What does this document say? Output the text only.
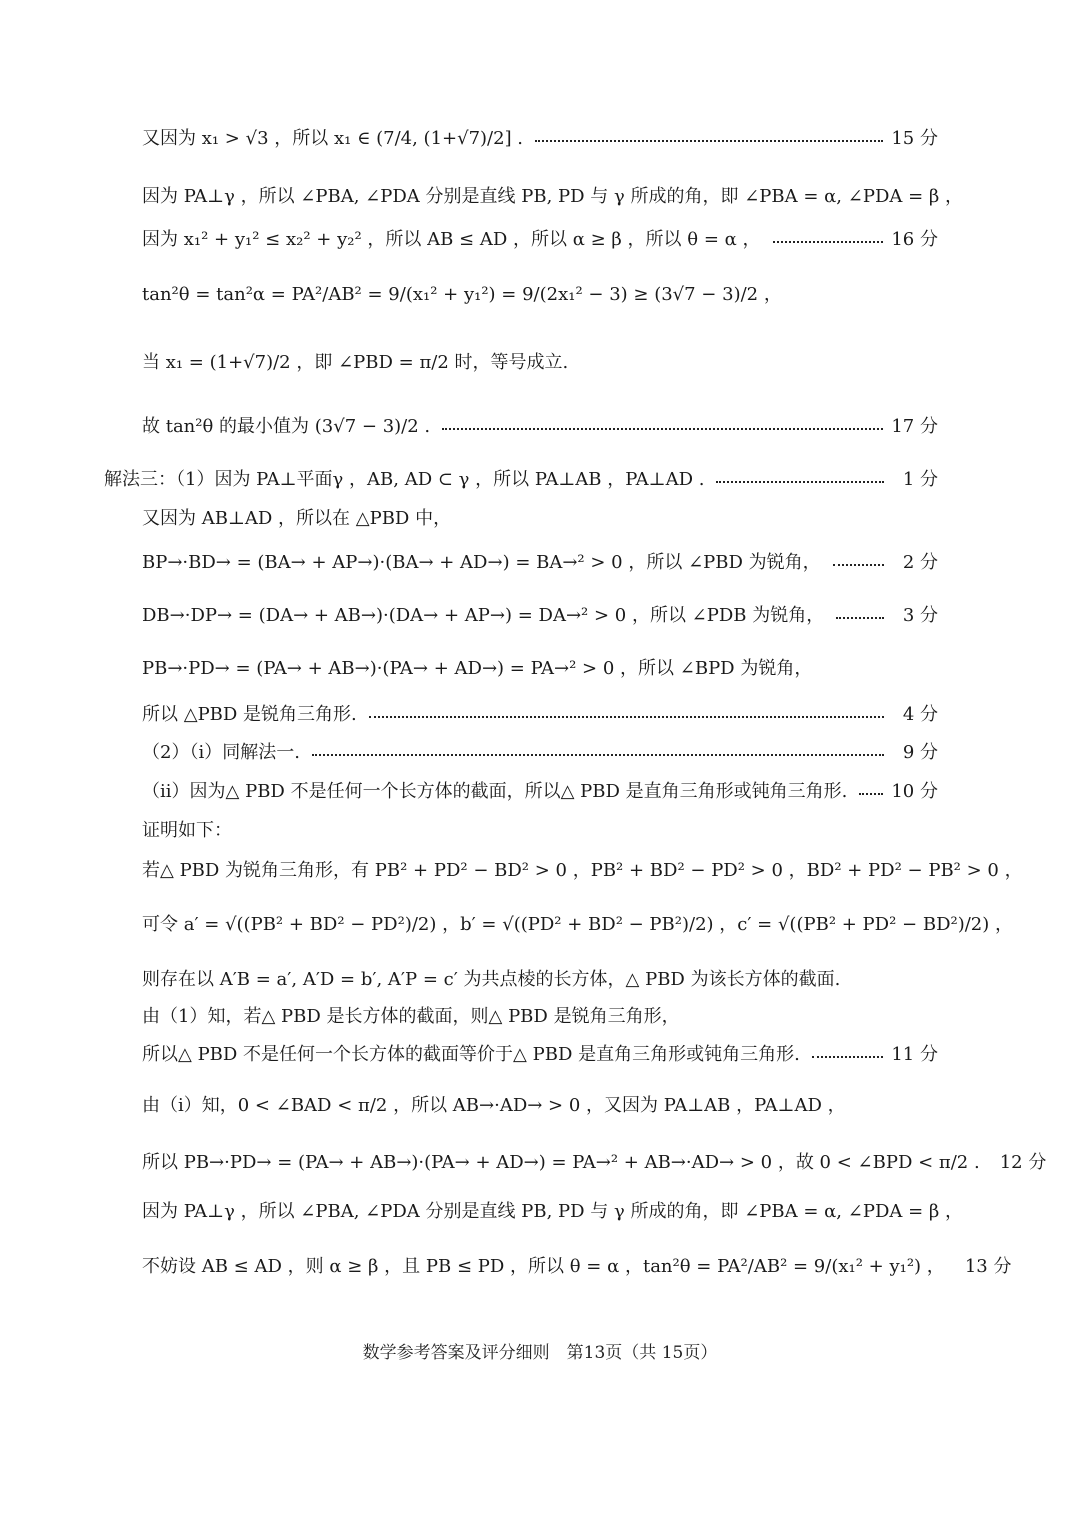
又因为 x₁ > √3 ，所以 x₁ ∈ (7/4, (1+√7)/2] .	15 分
因为 PA⊥γ ，所以 ∠PBA, ∠PDA 分别是直线 PB, PD 与 γ 所成的角，即 ∠PBA = α, ∠PDA = β ，
因为 x₁² + y₁² ≤ x₂² + y₂² ，所以 AB ≤ AD ，所以 α ≥ β ，所以 θ = α ，	16 分
tan²θ = tan²α = PA²/AB² = 9/(x₁² + y₁²) = 9/(2x₁² − 3) ≥ (3√7 − 3)/2 ，
当 x₁ = (1+√7)/2 ，即 ∠PBD = π/2 时，等号成立.
故 tan²θ 的最小值为 (3√7 − 3)/2 .	17 分
解法三：（1）因为 PA⊥平面γ ，AB, AD ⊂ γ ，所以 PA⊥AB ，PA⊥AD .	1 分
又因为 AB⊥AD ，所以在 △PBD 中，
BP→·BD→ = (BA→ + AP→)·(BA→ + AD→) = BA→² > 0 ，所以 ∠PBD 为锐角，	2 分
DB→·DP→ = (DA→ + AB→)·(DA→ + AP→) = DA→² > 0 ，所以 ∠PDB 为锐角，	3 分
PB→·PD→ = (PA→ + AB→)·(PA→ + AD→) = PA→² > 0 ，所以 ∠BPD 为锐角，
所以 △PBD 是锐角三角形.	4 分
（2）（i）同解法一.	9 分
（ii）因为△ PBD 不是任何一个长方体的截面，所以△ PBD 是直角三角形或钝角三角形. 10 分
证明如下：
若△ PBD 为锐角三角形，有 PB² + PD² − BD² > 0 ，PB² + BD² − PD² > 0 ，BD² + PD² − PB² > 0 ，
可令 a′ = √((PB² + BD² − PD²)/2) ，b′ = √((PD² + BD² − PB²)/2) ，c′ = √((PB² + PD² − BD²)/2) ，
则存在以 A′B = a′, A′D = b′, A′P = c′ 为共点棱的长方体，△ PBD 为该长方体的截面.
由（1）知，若△ PBD 是长方体的截面，则△ PBD 是锐角三角形，
所以△ PBD 不是任何一个长方体的截面等价于△ PBD 是直角三角形或钝角三角形.	11 分
由（i）知，0 < ∠BAD < π/2 ，所以 AB→·AD→ > 0 ，又因为 PA⊥AB ，PA⊥AD ，
所以 PB→·PD→ = (PA→ + AB→)·(PA→ + AD→) = PA→² + AB→·AD→ > 0 ，故 0 < ∠BPD < π/2 . 12 分
因为 PA⊥γ ，所以 ∠PBA, ∠PDA 分别是直线 PB, PD 与 γ 所成的角，即 ∠PBA = α, ∠PDA = β ，
不妨设 AB ≤ AD ，则 α ≥ β ，且 PB ≤ PD ，所以 θ = α ，tan²θ = PA²/AB² = 9/(x₁² + y₁²) ， 13 分
数学参考答案及评分细则　第13页（共 15页）
